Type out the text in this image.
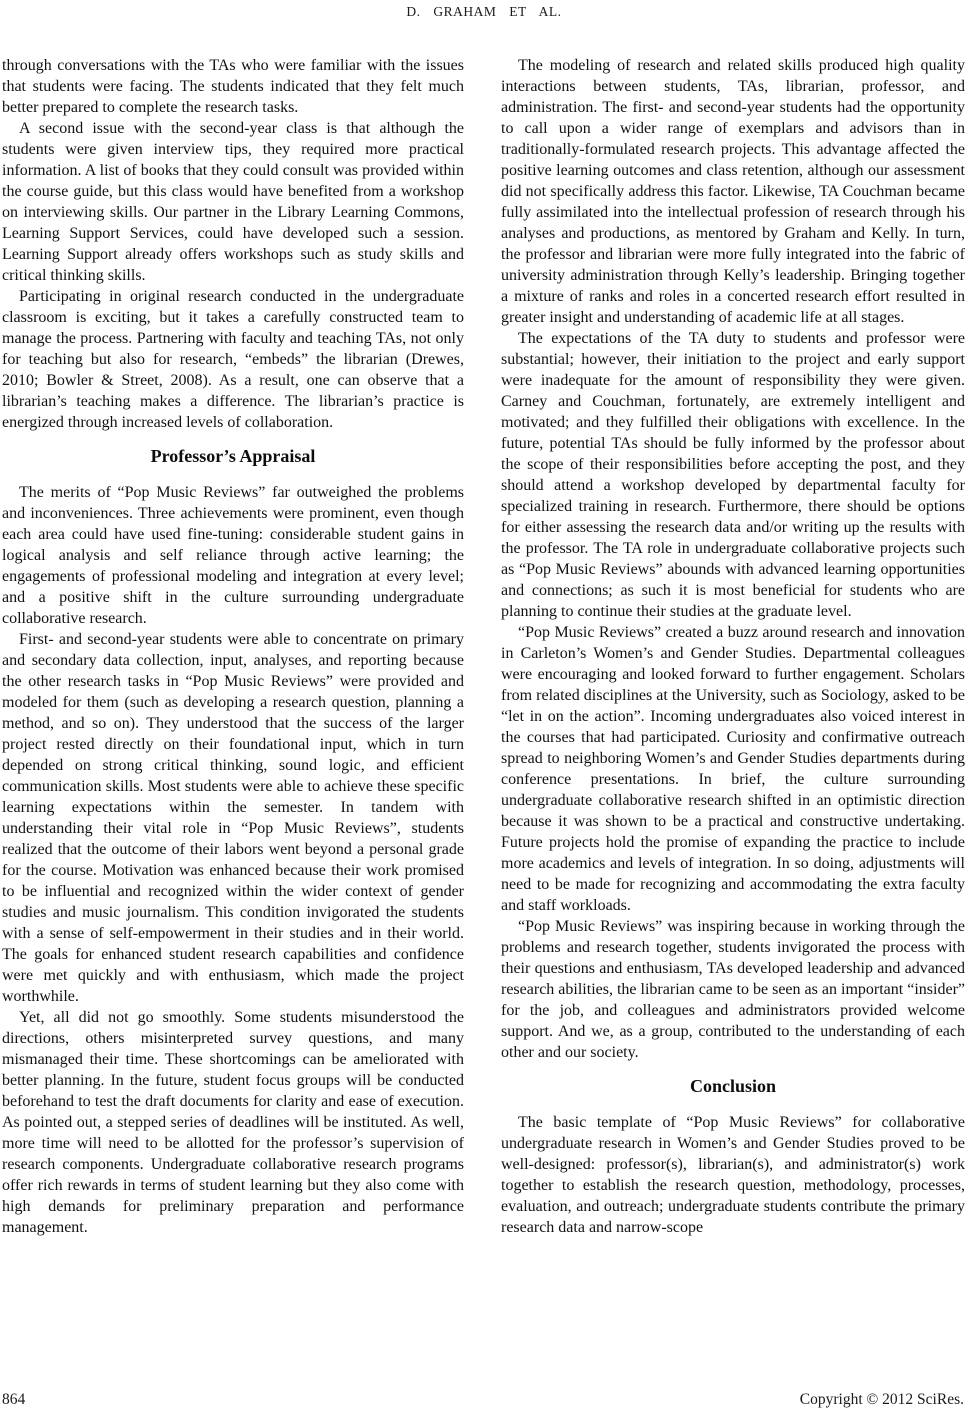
D. GRAHAM ET AL.

through conversations with the TAs who were familiar with the issues that students were facing. The students indicated that they felt much better prepared to complete the research tasks.

A second issue with the second-year class is that although the students were given interview tips, they required more practical information. A list of books that they could consult was provided within the course guide, but this class would have benefited from a workshop on interviewing skills. Our partner in the Library Learning Commons, Learning Support Services, could have developed such a session. Learning Support already offers workshops such as study skills and critical thinking skills.

Participating in original research conducted in the undergraduate classroom is exciting, but it takes a carefully constructed team to manage the process. Partnering with faculty and teaching TAs, not only for teaching but also for research, “embeds” the librarian (Drewes, 2010; Bowler & Street, 2008). As a result, one can observe that a librarian’s teaching makes a difference. The librarian’s practice is energized through increased levels of collaboration.

Professor’s Appraisal

The merits of “Pop Music Reviews” far outweighed the problems and inconveniences. Three achievements were prominent, even though each area could have used fine-tuning: considerable student gains in logical analysis and self reliance through active learning; the engagements of professional modeling and integration at every level; and a positive shift in the culture surrounding undergraduate collaborative research.

First- and second-year students were able to concentrate on primary and secondary data collection, input, analyses, and reporting because the other research tasks in “Pop Music Reviews” were provided and modeled for them (such as developing a research question, planning a method, and so on). They understood that the success of the larger project rested directly on their foundational input, which in turn depended on strong critical thinking, sound logic, and efficient communication skills. Most students were able to achieve these specific learning expectations within the semester. In tandem with understanding their vital role in “Pop Music Reviews”, students realized that the outcome of their labors went beyond a personal grade for the course. Motivation was enhanced because their work promised to be influential and recognized within the wider context of gender studies and music journalism. This condition invigorated the students with a sense of self-empowerment in their studies and in their world. The goals for enhanced student research capabilities and confidence were met quickly and with enthusiasm, which made the project worthwhile.

Yet, all did not go smoothly. Some students misunderstood the directions, others misinterpreted survey questions, and many mismanaged their time. These shortcomings can be ameliorated with better planning. In the future, student focus groups will be conducted beforehand to test the draft documents for clarity and ease of execution. As pointed out, a stepped series of deadlines will be instituted. As well, more time will need to be allotted for the professor’s supervision of research components. Undergraduate collaborative research programs offer rich rewards in terms of student learning but they also come with high demands for preliminary preparation and performance management.

The modeling of research and related skills produced high quality interactions between students, TAs, librarian, professor, and administration. The first- and second-year students had the opportunity to call upon a wider range of exemplars and advisors than in traditionally-formulated research projects. This advantage affected the positive learning outcomes and class retention, although our assessment did not specifically address this factor. Likewise, TA Couchman became fully assimilated into the intellectual profession of research through his analyses and productions, as mentored by Graham and Kelly. In turn, the professor and librarian were more fully integrated into the fabric of university administration through Kelly’s leadership. Bringing together a mixture of ranks and roles in a concerted research effort resulted in greater insight and understanding of academic life at all stages.

The expectations of the TA duty to students and professor were substantial; however, their initiation to the project and early support were inadequate for the amount of responsibility they were given. Carney and Couchman, fortunately, are extremely intelligent and motivated; and they fulfilled their obligations with excellence. In the future, potential TAs should be fully informed by the professor about the scope of their responsibilities before accepting the post, and they should attend a workshop developed by departmental faculty for specialized training in research. Furthermore, there should be options for either assessing the research data and/or writing up the results with the professor. The TA role in undergraduate collaborative projects such as “Pop Music Reviews” abounds with advanced learning opportunities and connections; as such it is most beneficial for students who are planning to continue their studies at the graduate level.

“Pop Music Reviews” created a buzz around research and innovation in Carleton’s Women’s and Gender Studies. Departmental colleagues were encouraging and looked forward to further engagement. Scholars from related disciplines at the University, such as Sociology, asked to be “let in on the action”. Incoming undergraduates also voiced interest in the courses that had participated. Curiosity and confirmative outreach spread to neighboring Women’s and Gender Studies departments during conference presentations. In brief, the culture surrounding undergraduate collaborative research shifted in an optimistic direction because it was shown to be a practical and constructive undertaking. Future projects hold the promise of expanding the practice to include more academics and levels of integration. In so doing, adjustments will need to be made for recognizing and accommodating the extra faculty and staff workloads.

“Pop Music Reviews” was inspiring because in working through the problems and research together, students invigorated the process with their questions and enthusiasm, TAs developed leadership and advanced research abilities, the librarian came to be seen as an important “insider” for the job, and colleagues and administrators provided welcome support. And we, as a group, contributed to the understanding of each other and our society.

Conclusion

The basic template of “Pop Music Reviews” for collaborative undergraduate research in Women’s and Gender Studies proved to be well-designed: professor(s), librarian(s), and administrator(s) work together to establish the research question, methodology, processes, evaluation, and outreach; undergraduate students contribute the primary research data and narrow-scope

864	Copyright © 2012 SciRes.
